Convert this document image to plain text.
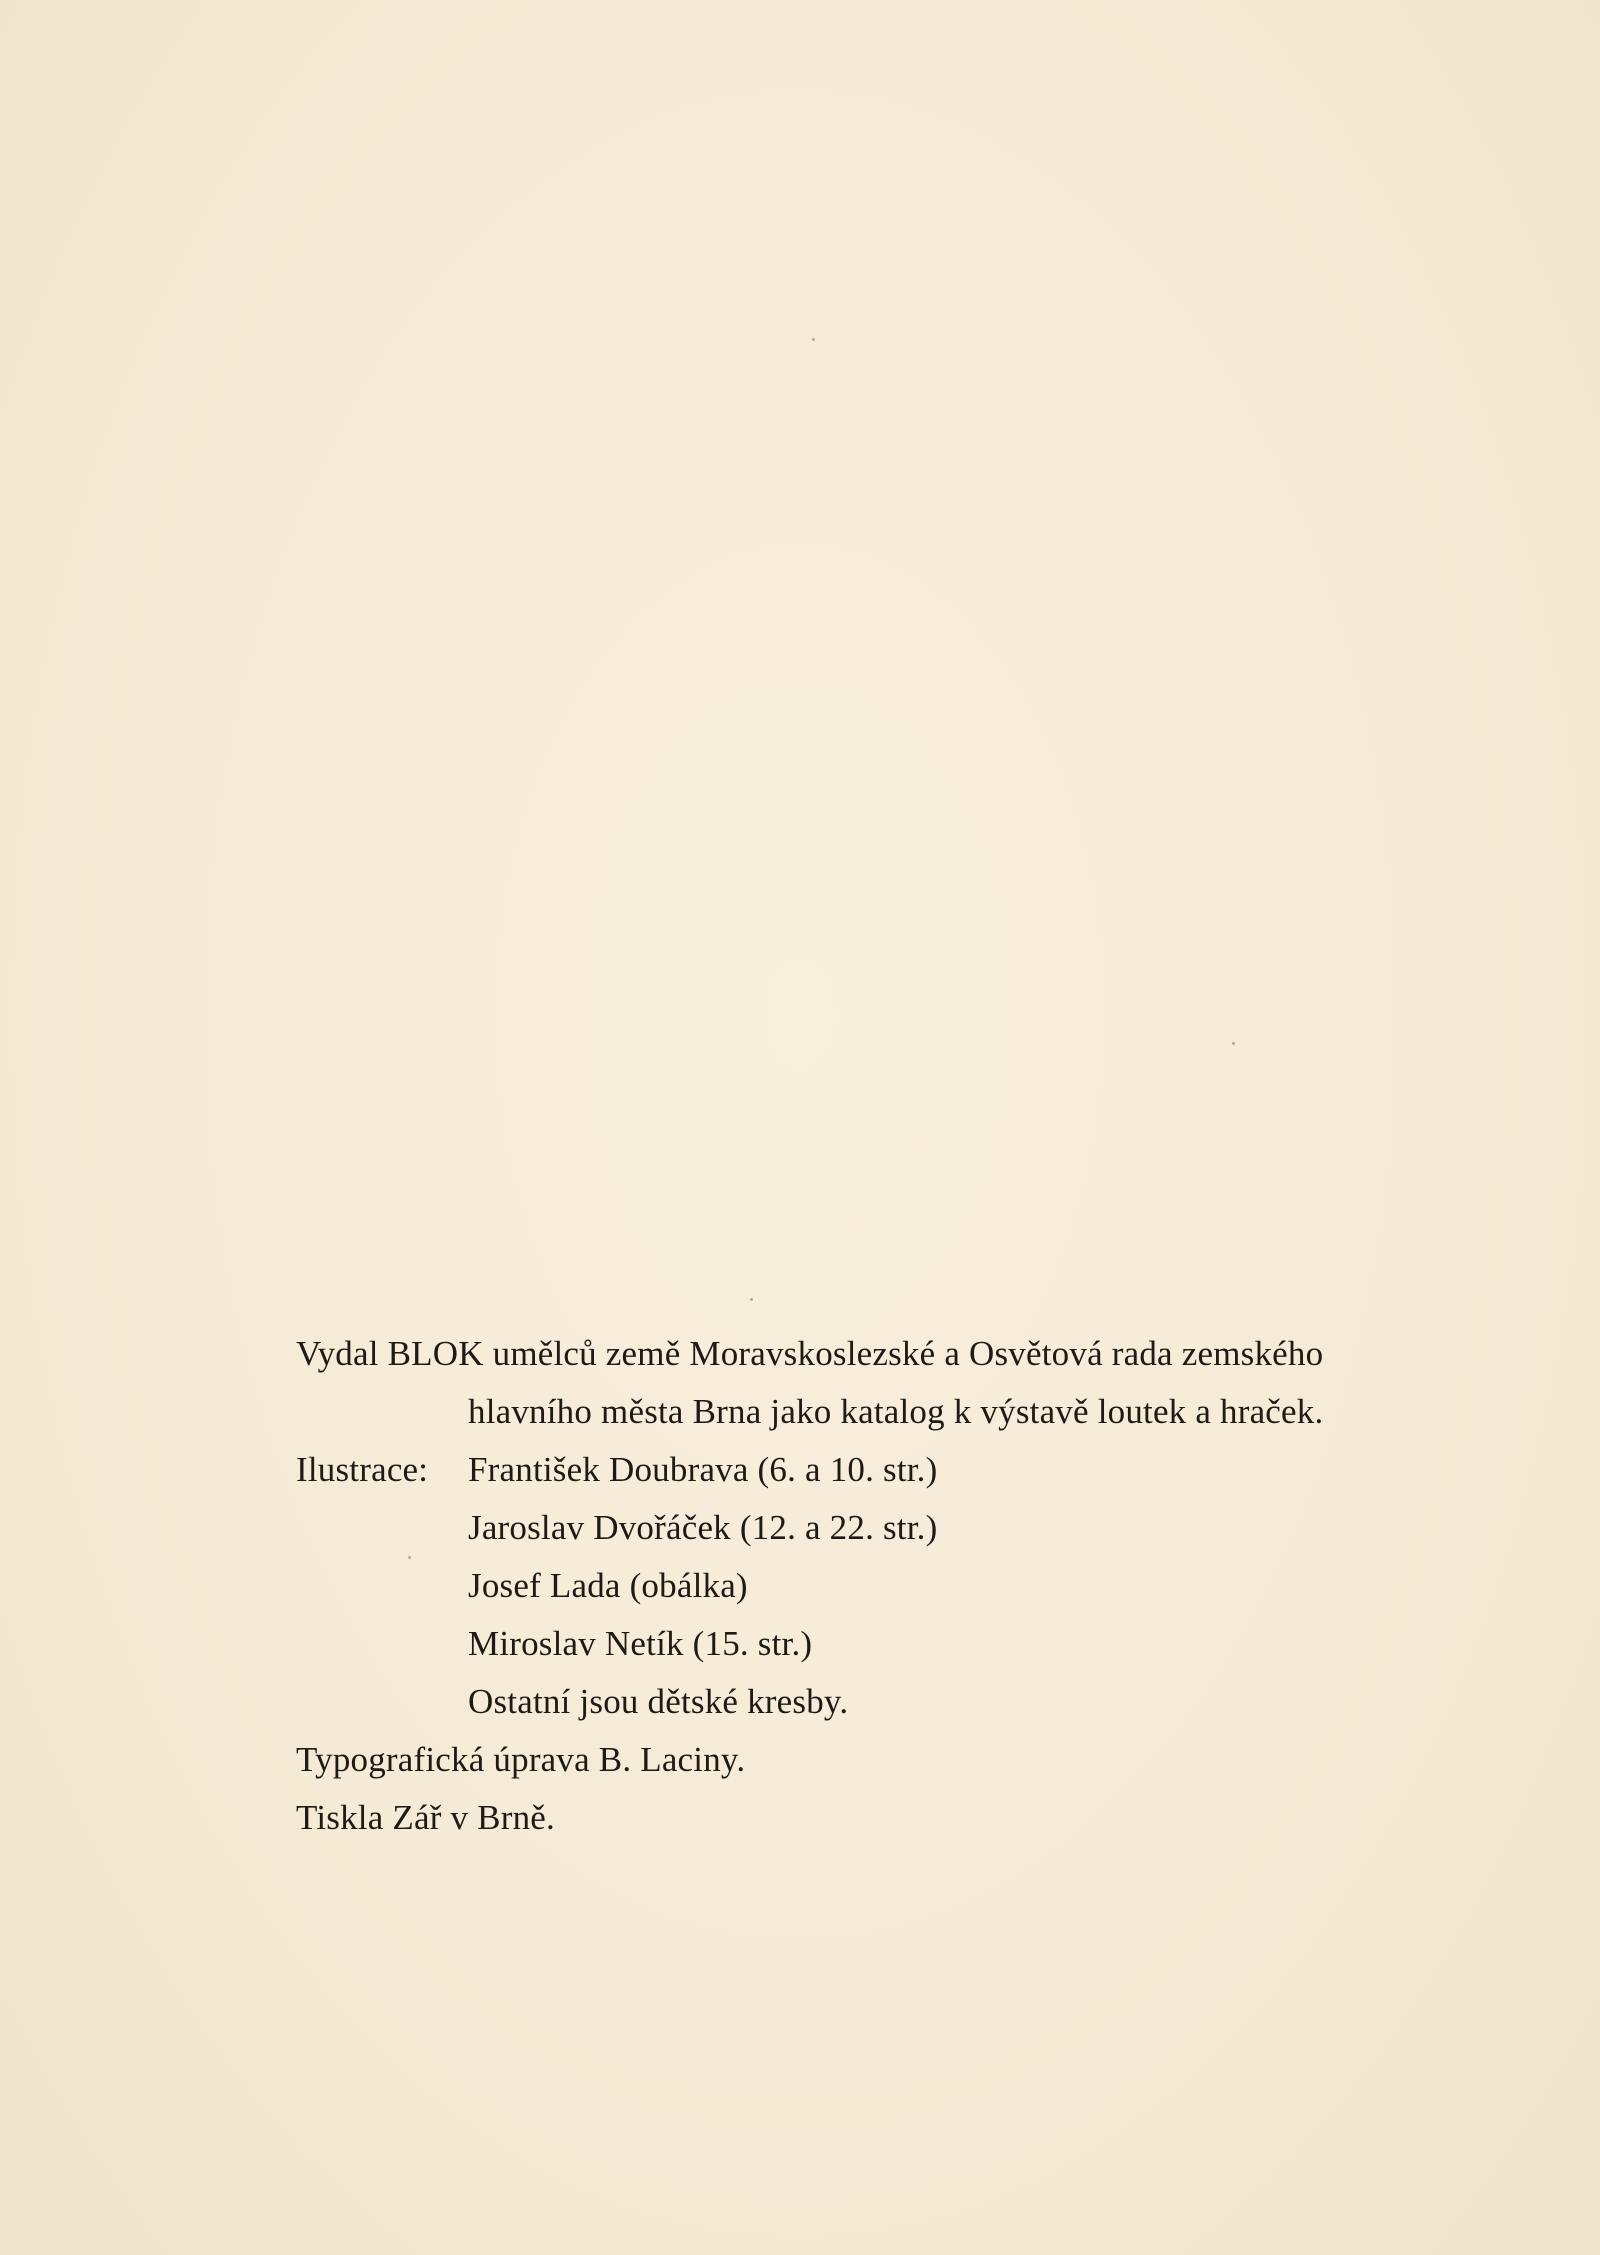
Vydal BLOK umělců země Moravskoslezské a Osvětová rada zemského
hlavního města Brna jako katalog k výstavě loutek a hraček.
Ilustrace: František Doubrava (6. a 10. str.)
Jaroslav Dvořáček (12. a 22. str.)
Josef Lada (obálka)
Miroslav Netík (15. str.)
Ostatní jsou dětské kresby.
Typografická úprava B. Laciny.
Tiskla Zář v Brně.
